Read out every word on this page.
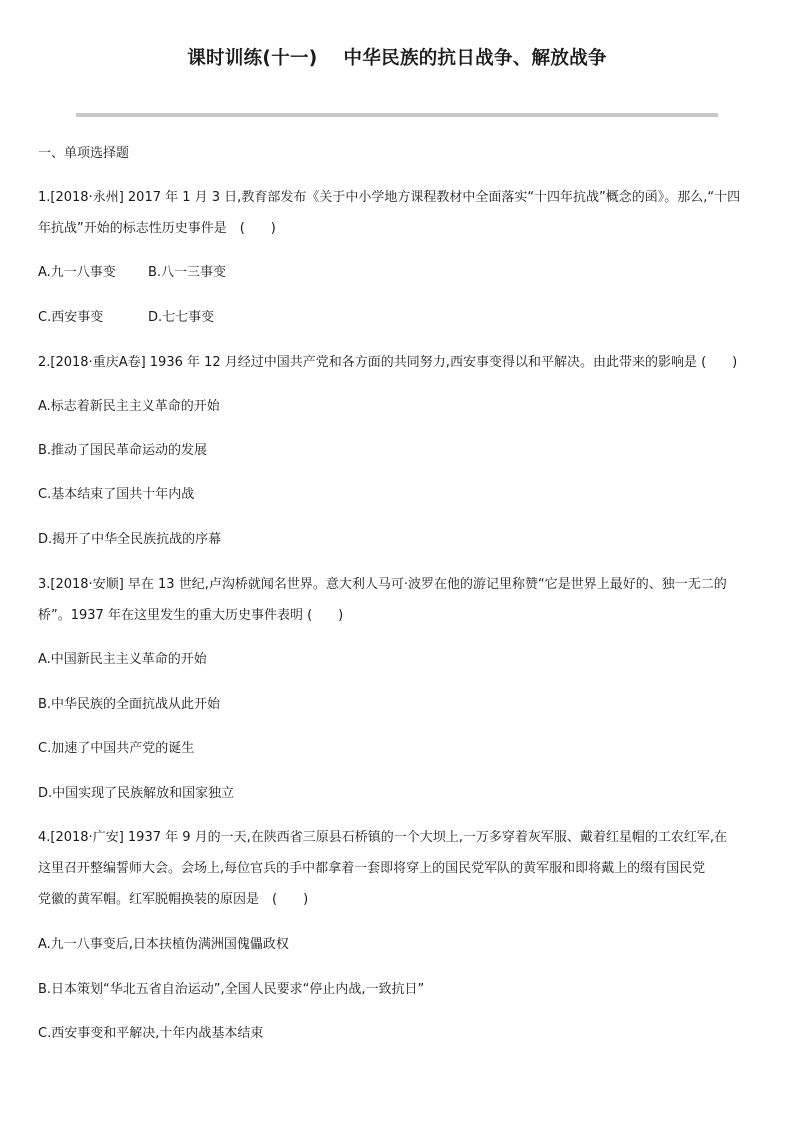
课时训练(十一) 中华民族的抗日战争、解放战争
一、单项选择题
1.[2018·永州] 2017 年 1 月 3 日,教育部发布《关于中小学地方课程教材中全面落实“十四年抗战”概念的函》。那么,“十四
年抗战”开始的标志性历史事件是　(　　)
A.九一八事变 B.八一三事变
C.西安事变	D.七七事变
2.[2018·重庆A卷] 1936 年 12 月经过中国共产党和各方面的共同努力,西安事变得以和平解决。由此带来的影响是 (　　)
A.标志着新民主主义革命的开始
B.推动了国民革命运动的发展
C.基本结束了国共十年内战
D.揭开了中华全民族抗战的序幕
3.[2018·安顺] 早在 13 世纪,卢沟桥就闻名世界。意大利人马可·波罗在他的游记里称赞“它是世界上最好的、独一无二的
桥”。1937 年在这里发生的重大历史事件表明 (　　)
A.中国新民主主义革命的开始
B.中华民族的全面抗战从此开始
C.加速了中国共产党的诞生
D.中国实现了民族解放和国家独立
4.[2018·广安] 1937 年 9 月的一天,在陕西省三原县石桥镇的一个大坝上,一万多穿着灰军服、戴着红星帽的工农红军,在
这里召开整编誓师大会。会场上,每位官兵的手中都拿着一套即将穿上的国民党军队的黄军服和即将戴上的缀有国民党
党徽的黄军帽。红军脱帽换装的原因是　(　　)
A.九一八事变后,日本扶植伪满洲国傀儡政权
B.日本策划“华北五省自治运动”,全国人民要求“停止内战,一致抗日”
C.西安事变和平解决,十年内战基本结束
